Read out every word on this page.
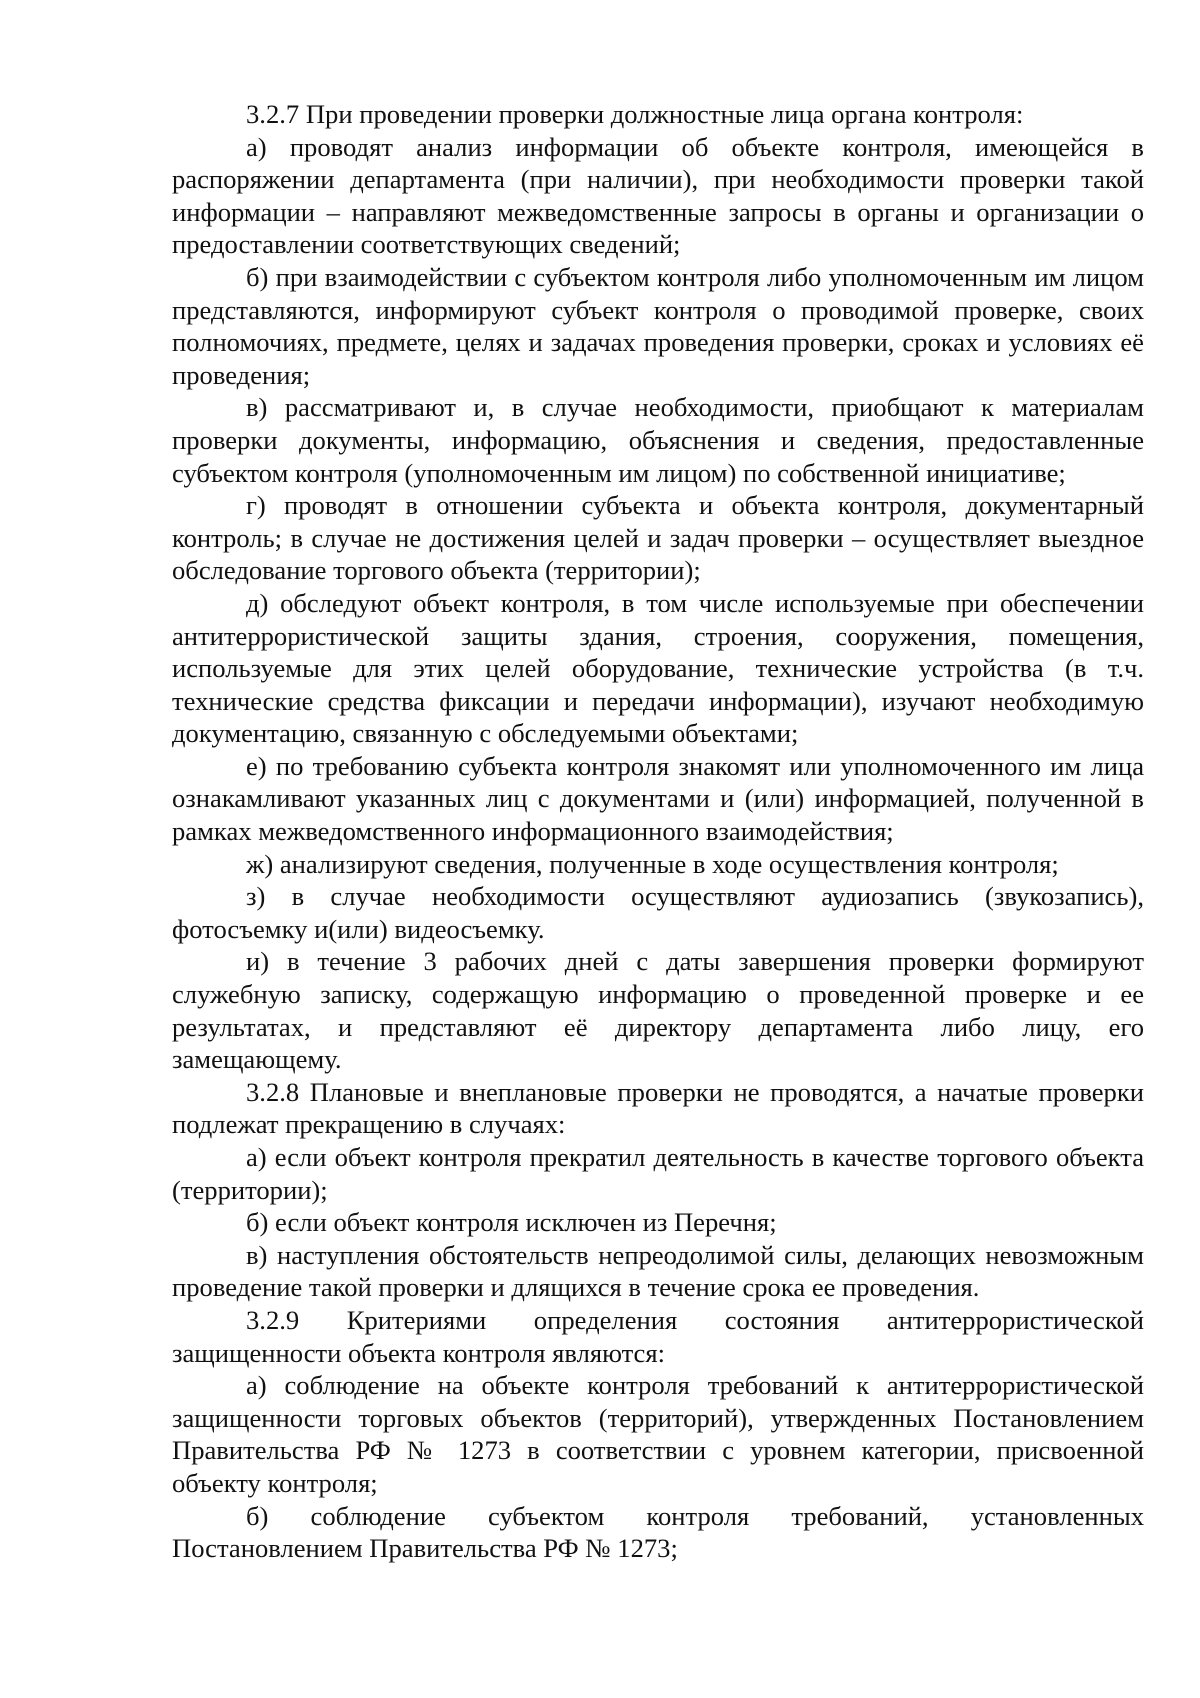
3.2.7 При проведении проверки должностные лица органа контроля:

а) проводят анализ информации об объекте контроля, имеющейся в распоряжении департамента (при наличии), при необходимости проверки такой информации – направляют межведомственные запросы в органы и организации о предоставлении соответствующих сведений;

б) при взаимодействии с субъектом контроля либо уполномоченным им лицом представляются, информируют субъект контроля о проводимой проверке, своих полномочиях, предмете, целях и задачах проведения проверки, сроках и условиях её проведения;

в) рассматривают и, в случае необходимости, приобщают к материалам проверки документы, информацию, объяснения и сведения, предоставленные субъектом контроля (уполномоченным им лицом) по собственной инициативе;

г) проводят в отношении субъекта и объекта контроля, документарный контроль; в случае не достижения целей и задач проверки – осуществляет выездное обследование торгового объекта (территории);

д) обследуют объект контроля, в том числе используемые при обеспечении антитеррористической защиты здания, строения, сооружения, помещения, используемые для этих целей оборудование, технические устройства (в т.ч. технические средства фиксации и передачи информации), изучают необходимую документацию, связанную с обследуемыми объектами;

е) по требованию субъекта контроля знакомят или уполномоченного им лица ознакамливают указанных лиц с документами и (или) информацией, полученной в рамках межведомственного информационного взаимодействия;

ж) анализируют сведения, полученные в ходе осуществления контроля;

з) в случае необходимости осуществляют аудиозапись (звукозапись), фотосъемку и(или) видеосъемку.

и) в течение 3 рабочих дней с даты завершения проверки формируют служебную записку, содержащую информацию о проведенной проверке и ее результатах, и представляют её директору департамента либо лицу, его замещающему.

3.2.8 Плановые и внеплановые проверки не проводятся, а начатые проверки подлежат прекращению в случаях:

а) если объект контроля прекратил деятельность в качестве торгового объекта (территории);

б) если объект контроля исключен из Перечня;

в) наступления обстоятельств непреодолимой силы, делающих невозможным проведение такой проверки и длящихся в течение срока ее проведения.

3.2.9 Критериями определения состояния антитеррористической защищенности объекта контроля являются:

а) соблюдение на объекте контроля требований к антитеррористической защищенности торговых объектов (территорий), утвержденных Постановлением Правительства РФ № 1273 в соответствии с уровнем категории, присвоенной объекту контроля;

б) соблюдение субъектом контроля требований, установленных Постановлением Правительства РФ № 1273;
